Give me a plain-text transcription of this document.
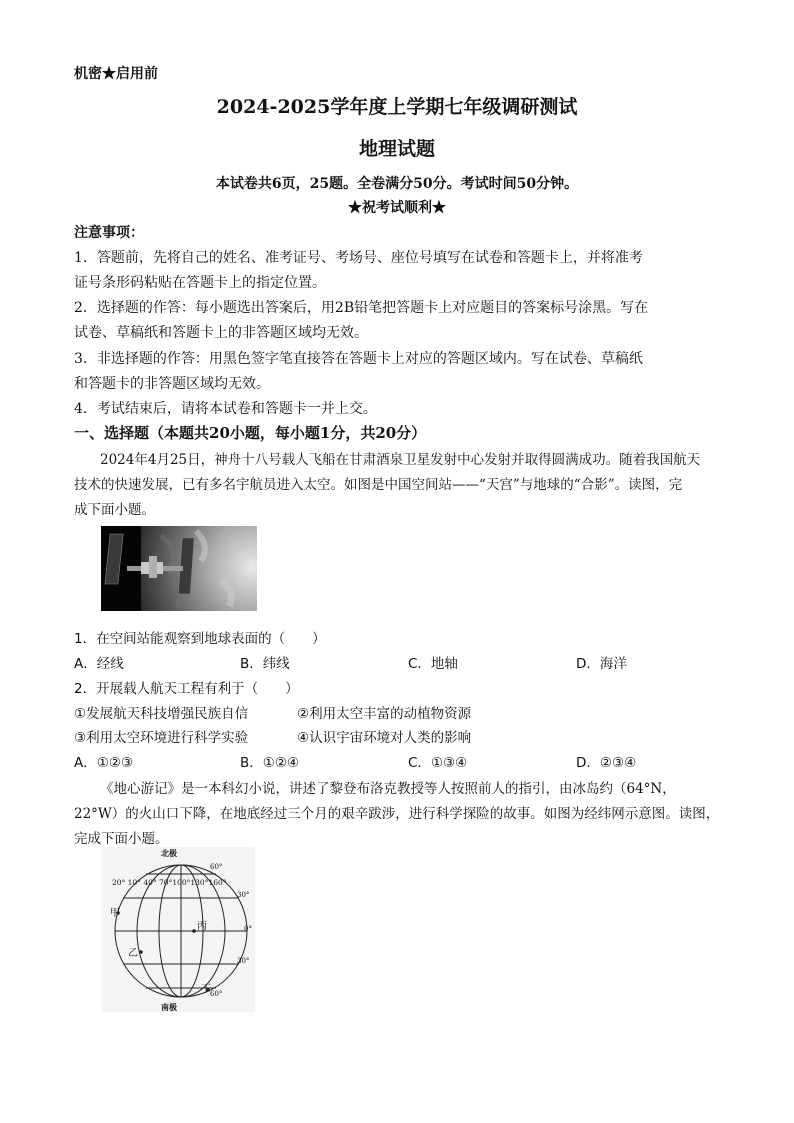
机密★启用前
2024-2025学年度上学期七年级调研测试
地理试题
本试卷共6页，25题。全卷满分50分。考试时间50分钟。
★祝考试顺利★
注意事项：
1．答题前，先将自己的姓名、准考证号、考场号、座位号填写在试卷和答题卡上，并将准考
证号条形码粘贴在答题卡上的指定位置。
2．选择题的作答：每小题选出答案后，用2B铅笔把答题卡上对应题目的答案标号涂黑。写在
试卷、草稿纸和答题卡上的非答题区域均无效。
3．非选择题的作答：用黑色签字笔直接答在答题卡上对应的答题区域内。写在试卷、草稿纸
和答题卡的非答题区域均无效。
4．考试结束后，请将本试卷和答题卡一并上交。
一、选择题（本题共20小题，每小题1分，共20分）
2024年4月25日，神舟十八号载人飞船在甘肃酒泉卫星发射中心发射并取得圆满成功。随着我国航天
技术的快速发展，已有多名宇航员进入太空。如图是中国空间站——“天宫”与地球的“合影”。读图，完
成下面小题。
1．在空间站能观察到地球表面的（　　）
A．经线	B．纬线	C．地轴	D．海洋
2．开展载人航天工程有利于（　　）
①发展航天科技增强民族自信	②利用太空丰富的动植物资源
③利用太空环境进行科学实验	④认识宇宙环境对人类的影响
A．①②③	B．①②④	C．①③④	D．②③④
《地心游记》是一本科幻小说，讲述了黎登布洛克教授等人按照前人的指引，由冰岛约（64°N，
22°W）的火山口下降，在地底经过三个月的艰辛跋涉，进行科学探险的故事。如图为经纬网示意图。读图，
完成下面小题。
北极
南极
20° 10° 40° 70°100°130°160°
60°
30°
0°
30°
60°
甲
乙
丙
丁
